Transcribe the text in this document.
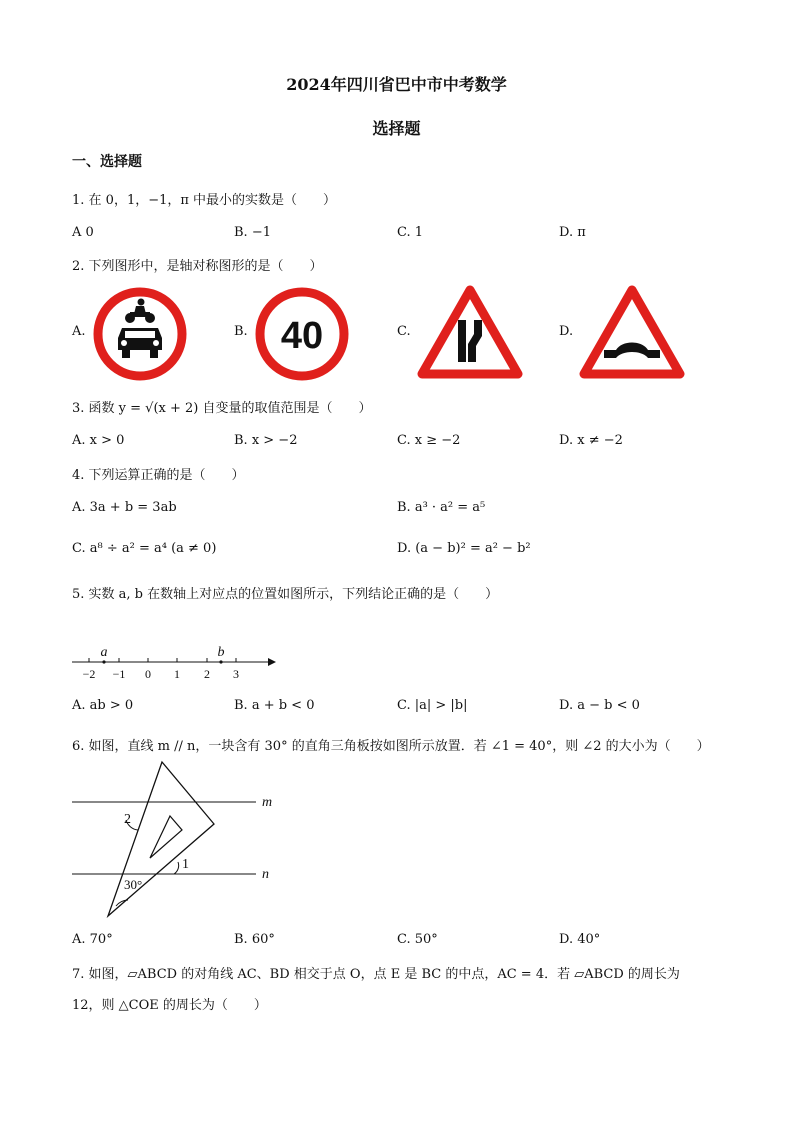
2024年四川省巴中市中考数学
选择题
一、选择题
1. 在 0，1，−1，π 中最小的实数是（　　）
A 0	B. −1	C. 1	D. π
2. 下列图形中，是轴对称图形的是（　　）
A.	B.	C.	D.
40
3. 函数 y = √(x + 2) 自变量的取值范围是（　　）
A. x > 0	B. x > −2	C. x ≥ −2	D. x ≠ −2
4. 下列运算正确的是（　　）
A. 3a + b = 3ab	B. a³ · a² = a⁵
C. a⁸ ÷ a² = a⁴ (a ≠ 0)	D. (a − b)² = a² − b²
5. 实数 a, b 在数轴上对应点的位置如图所示，下列结论正确的是（　　）
a	b
−2 −1 0 1 2 3
A. ab > 0	B. a + b < 0	C. |a| > |b|	D. a − b < 0
6. 如图，直线 m // n，一块含有 30° 的直角三角板按如图所示放置．若 ∠1 = 40°，则 ∠2 的大小为（　　）
m
n
2
1
30°
A. 70°	B. 60°	C. 50°	D. 40°
7. 如图，▱ABCD 的对角线 AC、BD 相交于点 O，点 E 是 BC 的中点，AC = 4．若 ▱ABCD 的周长为
12，则 △COE 的周长为（　　）
